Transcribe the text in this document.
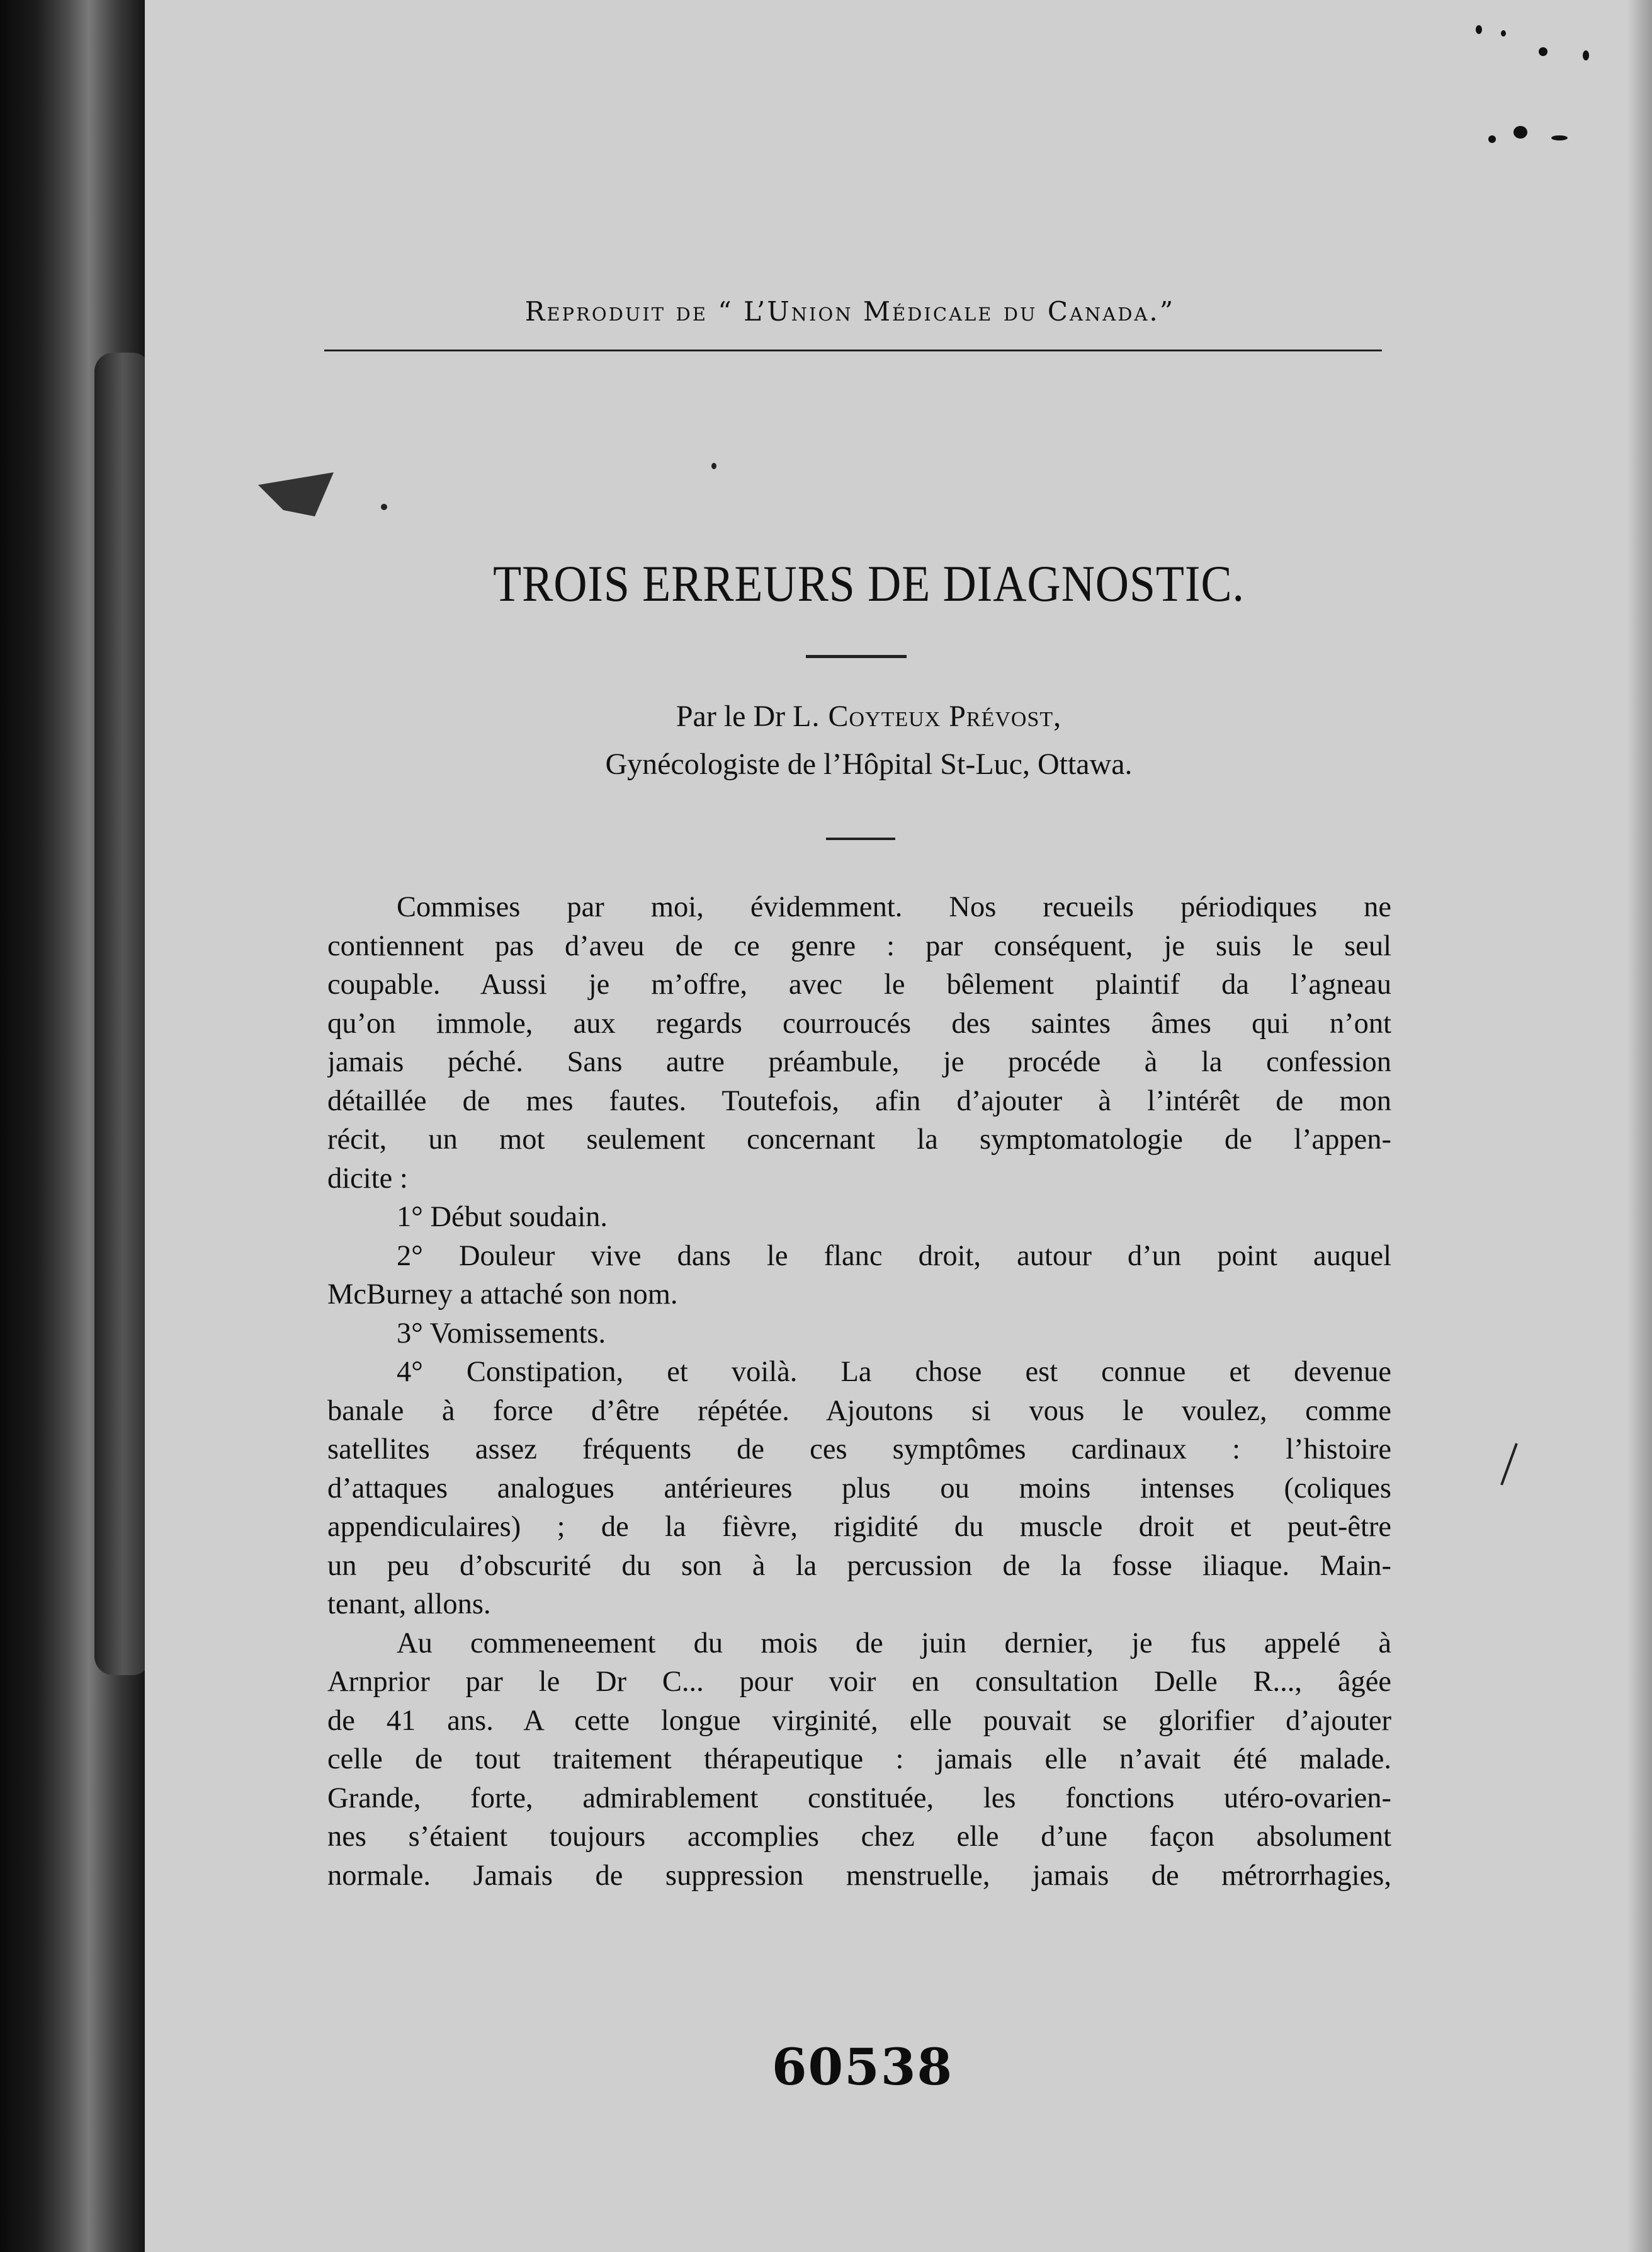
Reproduit de “ L’Union Médicale du Canada.”
TROIS ERREURS DE DIAGNOSTIC.
Par le Dr L. Coyteux Prévost,
Gynécologiste de l’Hôpital St-Luc, Ottawa.
Commises par moi, évidemment. Nos recueils périodiques ne
contiennent pas d’aveu de ce genre : par conséquent, je suis le seul
coupable. Aussi je m’offre, avec le bêlement plaintif da l’agneau
qu’on immole, aux regards courroucés des saintes âmes qui n’ont
jamais péché. Sans autre préambule, je procéde à la confession
détaillée de mes fautes. Toutefois, afin d’ajouter à l’intérêt de mon
récit, un mot seulement concernant la symptomatologie de l’appen-
dicite :
1° Début soudain.
2° Douleur vive dans le flanc droit, autour d’un point auquel
McBurney a attaché son nom.
3° Vomissements.
4° Constipation, et voilà. La chose est connue et devenue
banale à force d’être répétée. Ajoutons si vous le voulez, comme
satellites assez fréquents de ces symptômes cardinaux : l’histoire
d’attaques analogues antérieures plus ou moins intenses (coliques
appendiculaires) ; de la fièvre, rigidité du muscle droit et peut-être
un peu d’obscurité du son à la percussion de la fosse iliaque. Main-
tenant, allons.
Au commeneement du mois de juin dernier, je fus appelé à
Arnprior par le Dr C... pour voir en consultation Delle R..., âgée
de 41 ans. A cette longue virginité, elle pouvait se glorifier d’ajouter
celle de tout traitement thérapeutique : jamais elle n’avait été malade.
Grande, forte, admirablement constituée, les fonctions utéro-ovarien-
nes s’étaient toujours accomplies chez elle d’une façon absolument
normale. Jamais de suppression menstruelle, jamais de métrorrhagies,
60538
